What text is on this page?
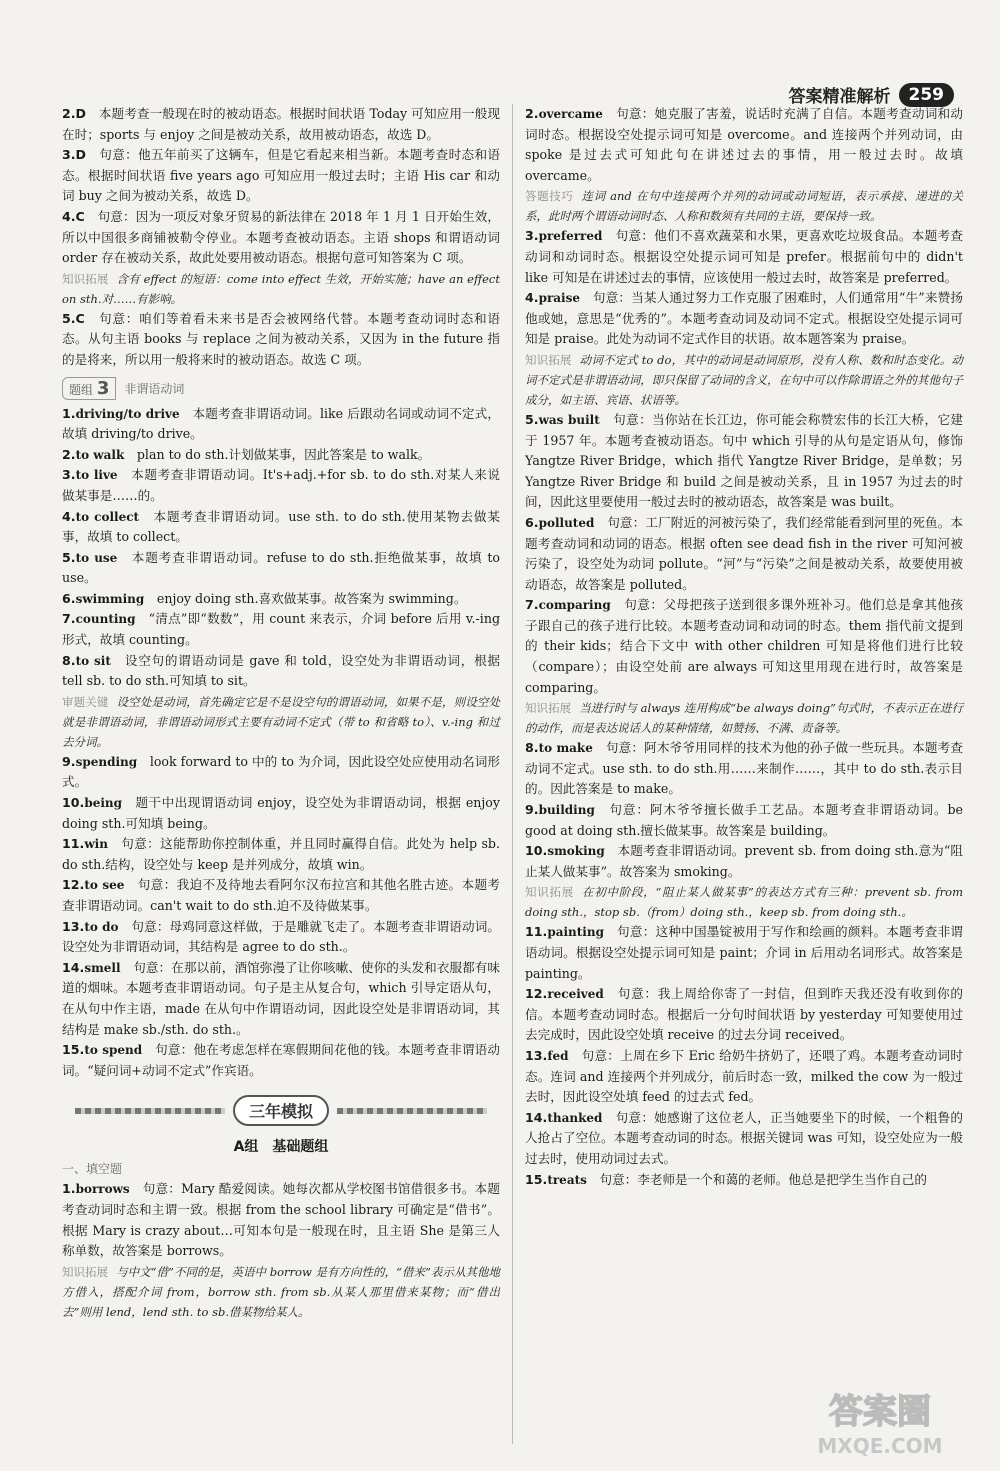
答案精准解析	259

2.D　 本题考查一般现在时的被动语态。根据时间状语 Today 可知应用一般现在时；sports 与 enjoy 之间是被动关系，故用被动语态，故选 D。

3.D　 句意：他五年前买了这辆车，但是它看起来相当新。本题考查时态和语态。根据时间状语 five years ago 可知应用一般过去时；主语 His car 和动词 buy 之间为被动关系，故选 D。

4.C　 句意：因为一项反对象牙贸易的新法律在 2018 年 1 月 1 日开始生效，所以中国很多商铺被勒令停业。本题考查被动语态。主语 shops 和谓语动词 order 存在被动关系，故此处要用被动语态。根据句意可知答案为 C 项。

知识拓展 含有 effect 的短语：come into effect 生效，开始实施；have an effect on sth.对……有影响。

5.C　 句意：咱们等着看未来书是否会被网络代替。本题考查动词时态和语态。从句主语 books 与 replace 之间为被动关系，又因为 in the future 指的是将来，所以用一般将来时的被动语态。故选 C 项。

题组 3	非谓语动词

1.driving/to drive　 本题考查非谓语动词。like 后跟动名词或动词不定式，故填 driving/to drive。

2.to walk　 plan to do sth.计划做某事，因此答案是 to walk。

3.to live　 本题考查非谓语动词。It's+adj.+for sb. to do sth.对某人来说做某事是……的。

4.to collect　 本题考查非谓语动词。use sth. to do sth.使用某物去做某事，故填 to collect。

5.to use　 本题考查非谓语动词。refuse to do sth.拒绝做某事，故填 to use。

6.swimming　 enjoy doing sth.喜欢做某事。故答案为 swimming。

7.counting　 “清点”即“数数”，用 count 来表示，介词 before 后用 v.-ing 形式，故填 counting。

8.to sit　 设空句的谓语动词是 gave 和 told，设空处为非谓语动词，根据 tell sb. to do sth.可知填 to sit。

审题关键 设空处是动词，首先确定它是不是设空句的谓语动词，如果不是，则设空处就是非谓语动词，非谓语动词形式主要有动词不定式（带 to 和省略 to）、v.-ing 和过去分词。

9.spending　 look forward to 中的 to 为介词，因此设空处应使用动名词形式。

10.being　 题干中出现谓语动词 enjoy，设空处为非谓语动词，根据 enjoy doing sth.可知填 being。

11.win　 句意：这能帮助你控制体重，并且同时赢得自信。此处为 help sb. do sth.结构，设空处与 keep 是并列成分，故填 win。

12.to see　 句意：我迫不及待地去看阿尔汉布拉宫和其他名胜古迹。本题考查非谓语动词。can't wait to do sth.迫不及待做某事。

13.to do　 句意：母鸡同意这样做，于是雕就飞走了。本题考查非谓语动词。设空处为非谓语动词，其结构是 agree to do sth.。

14.smell　 句意：在那以前，酒馆弥漫了让你咳嗽、使你的头发和衣服都有味道的烟味。本题考查非谓语动词。句子是主从复合句，which 引导定语从句，在从句中作主语，made 在从句中作谓语动词，因此设空处是非谓语动词，其结构是 make sb./sth. do sth.。

15.to spend　 句意：他在考虑怎样在寒假期间花他的钱。本题考查非谓语动词。“疑问词+动词不定式”作宾语。

三年模拟
A组　基础题组
一、填空题

1.borrows　 句意：Mary 酷爱阅读。她每次都从学校图书馆借很多书。本题考查动词时态和主谓一致。根据 from the school library 可确定是“借书”。根据 Mary is crazy about…可知本句是一般现在时，且主语 She 是第三人称单数，故答案是 borrows。

知识拓展 与中文“借”不同的是，英语中 borrow 是有方向性的，“借来”表示从其他地方借入，搭配介词 from，borrow sth. from sb.从某人那里借来某物；而“借出去”则用 lend，lend sth. to sb.借某物给某人。

2.overcame　 句意：她克服了害羞，说话时充满了自信。本题考查动词和动词时态。根据设空处提示词可知是 overcome。and 连接两个并列动词，由 spoke 是过去式可知此句在讲述过去的事情，用一般过去时。故填 overcame。

答题技巧 连词 and 在句中连接两个并列的动词或动词短语，表示承接、递进的关系，此时两个谓语动词时态、人称和数须有共同的主语，要保持一致。

3.preferred　 句意：他们不喜欢蔬菜和水果，更喜欢吃垃圾食品。本题考查动词和动词时态。根据设空处提示词可知是 prefer。根据前句中的 didn't like 可知是在讲述过去的事情，应该使用一般过去时，故答案是 preferred。

4.praise　 句意：当某人通过努力工作克服了困难时，人们通常用“牛”来赞扬他或她，意思是“优秀的”。本题考查动词及动词不定式。根据设空处提示词可知是 praise。此处为动词不定式作目的状语。故本题答案为 praise。

知识拓展 动词不定式 to do，其中的动词是动词原形，没有人称、数和时态变化。动词不定式是非谓语动词，即只保留了动词的含义，在句中可以作除谓语之外的其他句子成分，如主语、宾语、状语等。

5.was built　 句意：当你站在长江边，你可能会称赞宏伟的长江大桥，它建于 1957 年。本题考查被动语态。句中 which 引导的从句是定语从句，修饰 Yangtze River Bridge，which 指代 Yangtze River Bridge，是单数；另 Yangtze River Bridge 和 build 之间是被动关系，且 in 1957 为过去的时间，因此这里要使用一般过去时的被动语态，故答案是 was built。

6.polluted　 句意：工厂附近的河被污染了，我们经常能看到河里的死鱼。本题考查动词和动词的语态。根据 often see dead fish in the river 可知河被污染了，设空处为动词 pollute。“河”与“污染”之间是被动关系，故要使用被动语态，故答案是 polluted。

7.comparing　 句意：父母把孩子送到很多课外班补习。他们总是拿其他孩子跟自己的孩子进行比较。本题考查动词和动词的时态。them 指代前文提到的 their kids；结合下文中 with other children 可知是将他们进行比较（compare）；由设空处前 are always 可知这里用现在进行时，故答案是 comparing。

知识拓展 当进行时与 always 连用构成“be always doing”句式时，不表示正在进行的动作，而是表达说话人的某种情绪，如赞扬、不满、责备等。

8.to make　 句意：阿木爷爷用同样的技术为他的孙子做一些玩具。本题考查动词不定式。use sth. to do sth.用……来制作……，其中 to do sth.表示目的。因此答案是 to make。

9.building　 句意：阿木爷爷擅长做手工艺品。本题考查非谓语动词。be good at doing sth.擅长做某事。故答案是 building。

10.smoking　 本题考查非谓语动词。prevent sb. from doing sth.意为“阻止某人做某事”。故答案为 smoking。

知识拓展 在初中阶段，“阻止某人做某事”的表达方式有三种：prevent sb. from doing sth.，stop sb.（from）doing sth.，keep sb. from doing sth.。

11.painting　 句意：这种中国墨锭被用于写作和绘画的颜料。本题考查非谓语动词。根据设空处提示词可知是 paint；介词 in 后用动名词形式。故答案是 painting。

12.received　 句意：我上周给你寄了一封信，但到昨天我还没有收到你的信。本题考查动词时态。根据后一分句时间状语 by yesterday 可知要使用过去完成时，因此设空处填 receive 的过去分词 received。

13.fed　 句意：上周在乡下 Eric 给奶牛挤奶了，还喂了鸡。本题考查动词时态。连词 and 连接两个并列成分，前后时态一致，milked the cow 为一般过去时，因此设空处填 feed 的过去式 fed。

14.thanked　 句意：她感谢了这位老人，正当她要坐下的时候，一个粗鲁的人抢占了空位。本题考查动词的时态。根据关键词 was 可知，设空处应为一般过去时，使用动词过去式。

15.treats　 句意：李老师是一个和蔼的老师。他总是把学生当作自己的

答案圈
MXQE.COM
